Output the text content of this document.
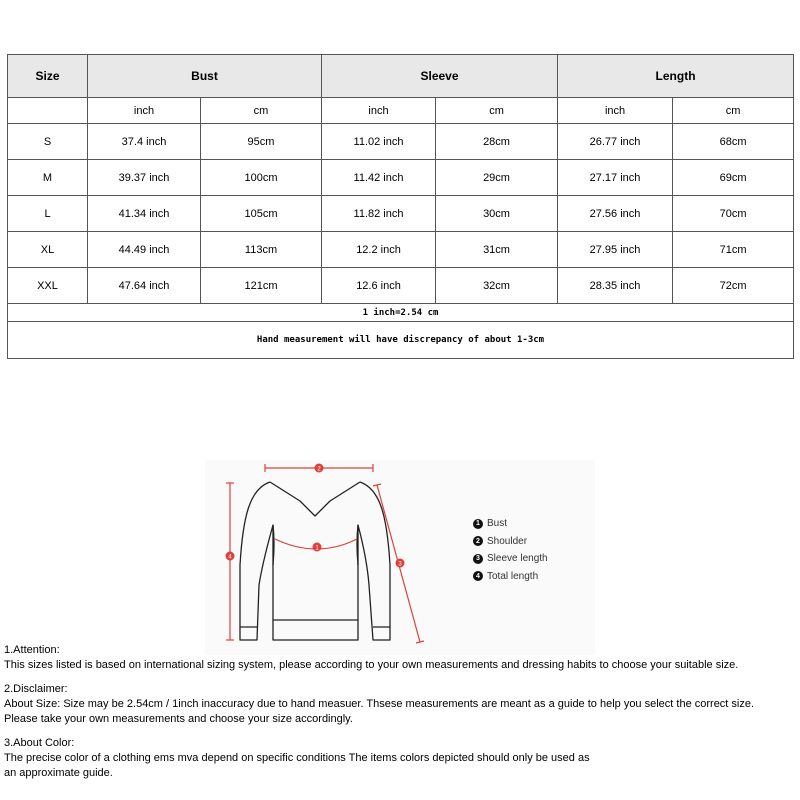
Size	Bust		Sleeve		Length	
	inch	cm	inch	cm	inch	cm
S	37.4 inch	95cm	11.02 inch	28cm	26.77 inch	68cm
M	39.37 inch	100cm	11.42 inch	29cm	27.17 inch	69cm
L	41.34 inch	105cm	11.82 inch	30cm	27.56 inch	70cm
XL	44.49 inch	113cm	12.2 inch	31cm	27.95 inch	71cm
XXL	47.64 inch	121cm	12.6 inch	32cm	28.35 inch	72cm
1 inch=2.54 cm						
Hand measurement will have discrepancy of about 1-3cm						
1
2
3
4
1 Bust
2 Shoulder
3 Sleeve length
4 Total length
1.Attention:
This sizes listed is based on international sizing system, please according to your own measurements and dressing habits to choose your suitable size.
2.Disclaimer:
About Size: Size may be 2.54cm / 1inch inaccuracy due to hand measuer. Thsese measurements are meant as a guide to help you select the correct size.
Please take your own measurements and choose your size accordingly.
3.About Color:
The precise color of a clothing ems mva depend on specific conditions The items colors depicted should only be used as
an approximate guide.
